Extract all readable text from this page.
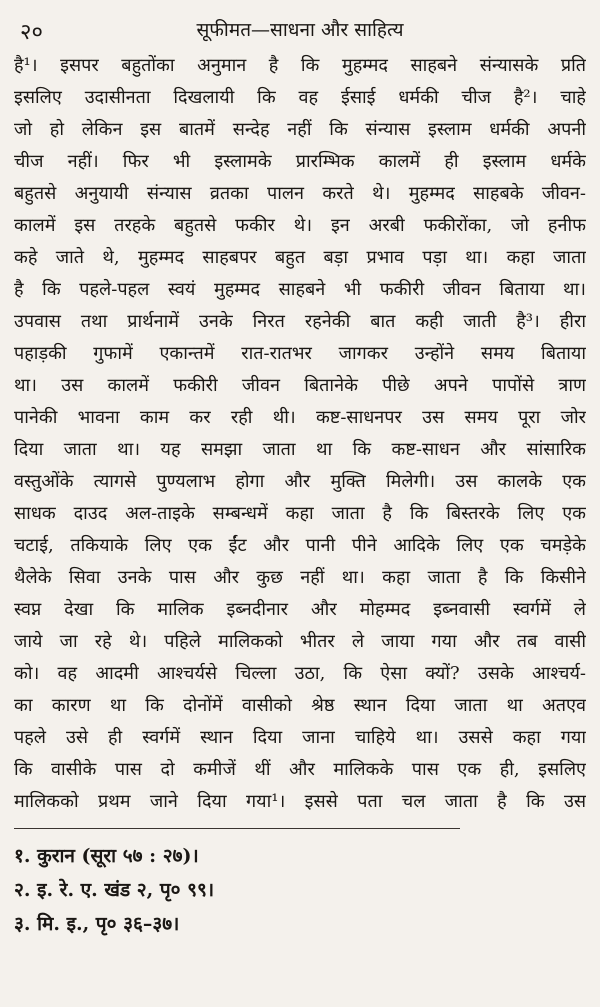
२०	सूफीमत—साधना और साहित्य
है¹। इसपर बहुतोंका अनुमान है कि मुहम्मद साहबने संन्यासके प्रति
इसलिए उदासीनता दिखलायी कि वह ईसाई धर्मकी चीज है²। चाहे
जो हो लेकिन इस बातमें सन्देह नहीं कि संन्यास इस्लाम धर्मकी अपनी
चीज नहीं। फिर भी इस्लामके प्रारम्भिक कालमें ही इस्लाम धर्मके
बहुतसे अनुयायी संन्यास व्रतका पालन करते थे। मुहम्मद साहबके जीवन-
कालमें इस तरहके बहुतसे फकीर थे। इन अरबी फकीरोंका, जो हनीफ
कहे जाते थे, मुहम्मद साहबपर बहुत बड़ा प्रभाव पड़ा था। कहा जाता
है कि पहले-पहल स्वयं मुहम्मद साहबने भी फकीरी जीवन बिताया था।
उपवास तथा प्रार्थनामें उनके निरत रहनेकी बात कही जाती है³। हीरा
पहाड़की गुफामें एकान्तमें रात-रातभर जागकर उन्होंने समय बिताया
था। उस कालमें फकीरी जीवन बितानेके पीछे अपने पापोंसे त्राण
पानेकी भावना काम कर रही थी। कष्ट-साधनपर उस समय पूरा जोर
दिया जाता था। यह समझा जाता था कि कष्ट-साधन और सांसारिक
वस्तुओंके त्यागसे पुण्यलाभ होगा और मुक्ति मिलेगी। उस कालके एक
साधक दाउद अल-ताइके सम्बन्धमें कहा जाता है कि बिस्तरके लिए एक
चटाई, तकियाके लिए एक ईंट और पानी पीने आदिके लिए एक चमड़ेके
थैलेके सिवा उनके पास और कुछ नहीं था। कहा जाता है कि किसीने
स्वप्न देखा कि मालिक इब्नदीनार और मोहम्मद इब्नवासी स्वर्गमें ले
जाये जा रहे थे। पहिले मालिकको भीतर ले जाया गया और तब वासी
को। वह आदमी आश्चर्यसे चिल्ला उठा, कि ऐसा क्यों? उसके आश्चर्य-
का कारण था कि दोनोंमें वासीको श्रेष्ठ स्थान दिया जाता था अतएव
पहले उसे ही स्वर्गमें स्थान दिया जाना चाहिये था। उससे कहा गया
कि वासीके पास दो कमीजें थीं और मालिकके पास एक ही, इसलिए
मालिकको प्रथम जाने दिया गया¹। इससे पता चल जाता है कि उस
१. कुरान (सूरा ५७ : २७)।
२. इ. रे. ए. खंड २, पृ० ९९।
३. मि. इ., पृ० ३६–३७।
